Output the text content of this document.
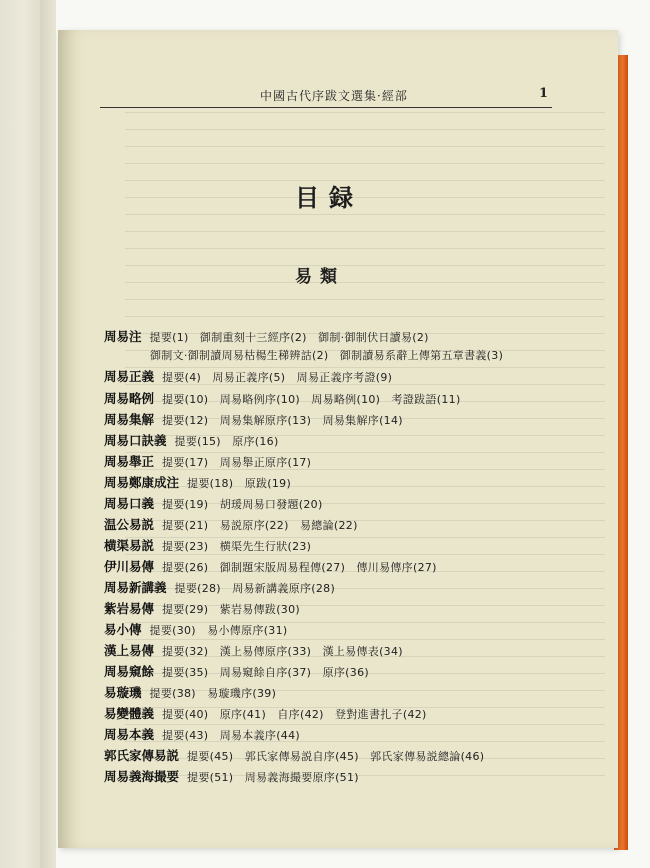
中國古代序跋文選集·經部	1
目録
易類
周易注 提要(1)　御制重刻十三經序(2)　御制·御制伏日讀易(2)
御制文·御制讀周易枯楊生稊辨詁(2)　御制讀易系辭上傳第五章書義(3)
周易正義 提要(4)　周易正義序(5)　周易正義序考證(9)
周易略例 提要(10)　周易略例序(10)　周易略例(10)　考證跋語(11)
周易集解 提要(12)　周易集解原序(13)　周易集解序(14)
周易口訣義 提要(15)　原序(16)
周易舉正 提要(17)　周易舉正原序(17)
周易鄭康成注 提要(18)　原跋(19)
周易口義 提要(19)　胡瑗周易口發題(20)
温公易説 提要(21)　易説原序(22)　易總論(22)
横渠易説 提要(23)　横渠先生行狀(23)
伊川易傳 提要(26)　御制題宋版周易程傳(27)　傳川易傳序(27)
周易新講義 提要(28)　周易新講義原序(28)
紫岩易傳 提要(29)　紫岩易傳跋(30)
易小傳 提要(30)　易小傳原序(31)
漢上易傳 提要(32)　漢上易傳原序(33)　漢上易傳表(34)
周易窺餘 提要(35)　周易窺餘自序(37)　原序(36)
易璇璣 提要(38)　易璇璣序(39)
易變體義 提要(40)　原序(41)　自序(42)　登對進書扎子(42)
周易本義 提要(43)　周易本義序(44)
郭氏家傳易説 提要(45)　郭氏家傳易説自序(45)　郭氏家傳易説總論(46)
周易義海撮要 提要(51)　周易義海撮要原序(51)
